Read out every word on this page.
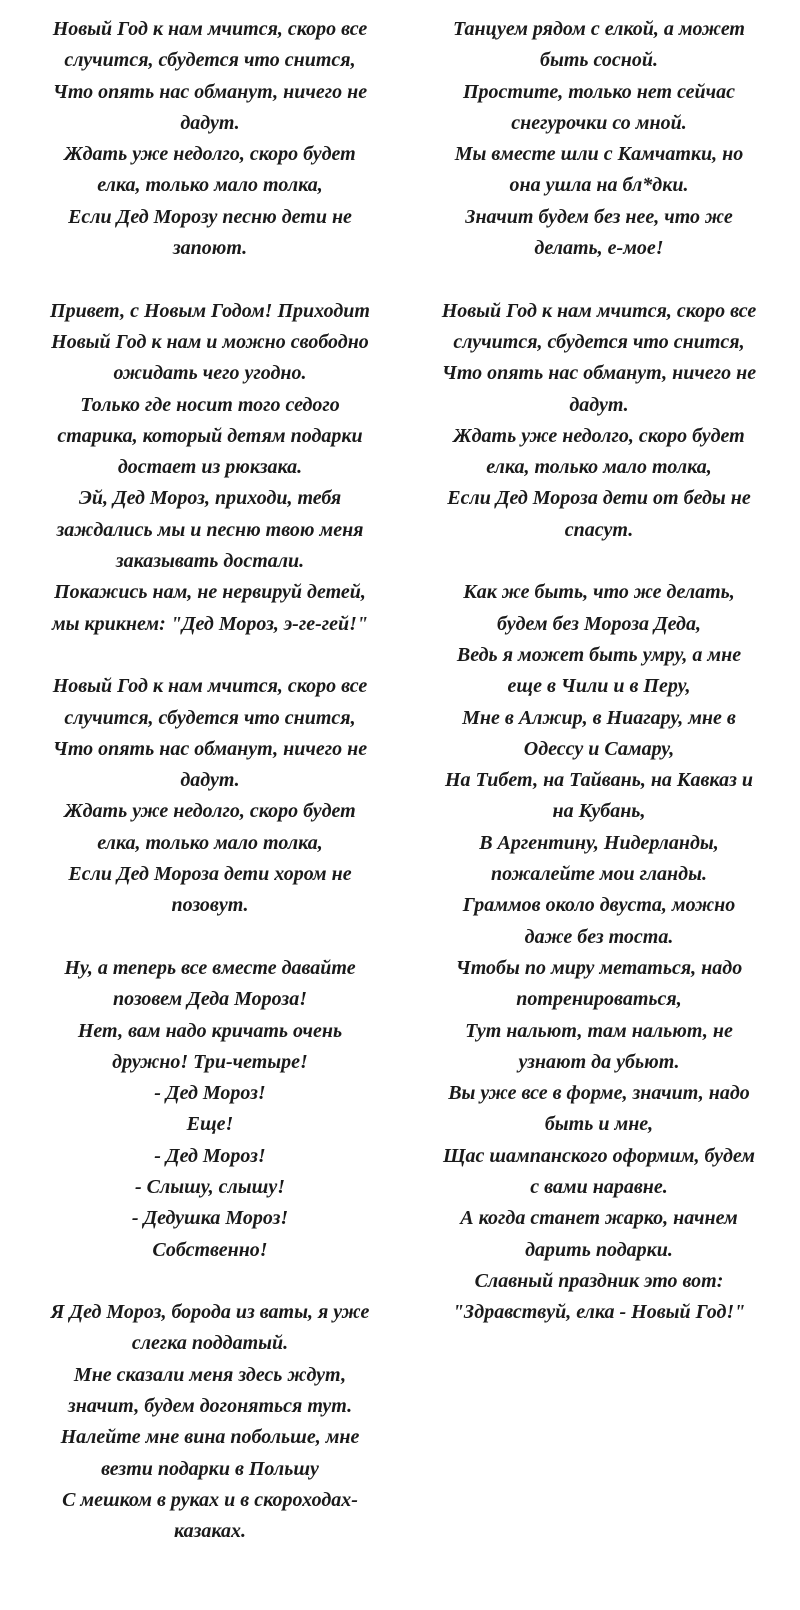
Новый Год к нам мчится, скоро все
случится, сбудется что снится,
Что опять нас обманут, ничего не
дадут.
Ждать уже недолго, скоро будет
елка, только мало толка,
Если Дед Морозу песню дети не
запоют.
Привет, с Новым Годом! Приходит
Новый Год к нам и можно свободно
ожидать чего угодно.
Только где носит того седого
старика, который детям подарки
достает из рюкзака.
Эй, Дед Мороз, приходи, тебя
заждались мы и песню твою меня
заказывать достали.
Покажись нам, не нервируй детей,
мы крикнем: "Дед Мороз, э-ге-гей!"
Новый Год к нам мчится, скоро все
случится, сбудется что снится,
Что опять нас обманут, ничего не
дадут.
Ждать уже недолго, скоро будет
елка, только мало толка,
Если Дед Мороза дети хором не
позовут.
Ну, а теперь все вместе давайте
позовем Деда Мороза!
Нет, вам надо кричать очень
дружно! Три-четыре!
- Дед Мороз!
Еще!
- Дед Мороз!
- Слышу, слышу!
- Дедушка Мороз!
Собственно!
Я Дед Мороз, борода из ваты, я уже
слегка поддатый.
Мне сказали меня здесь ждут,
значит, будем догоняться тут.
Налейте мне вина побольше, мне
везти подарки в Польшу
С мешком в руках и в скороходах-
казаках.
Танцуем рядом с елкой, а может
быть сосной.
Простите, только нет сейчас
снегурочки со мной.
Мы вместе шли с Камчатки, но
она ушла на бл*дки.
Значит будем без нее, что же
делать, е-мое!
Новый Год к нам мчится, скоро все
случится, сбудется что снится,
Что опять нас обманут, ничего не
дадут.
Ждать уже недолго, скоро будет
елка, только мало толка,
Если Дед Мороза дети от беды не
спасут.
Как же быть, что же делать,
будем без Мороза Деда,
Ведь я может быть умру, а мне
еще в Чили и в Перу,
Мне в Алжир, в Ниагару, мне в
Одессу и Самару,
На Тибет, на Тайвань, на Кавказ и
на Кубань,
В Аргентину, Нидерланды,
пожалейте мои гланды.
Граммов около двуста, можно
даже без тоста.
Чтобы по миру метаться, надо
потренироваться,
Тут нальют, там нальют, не
узнают да убьют.
Вы уже все в форме, значит, надо
быть и мне,
Щас шампанского оформим, будем
с вами наравне.
А когда станет жарко, начнем
дарить подарки.
Славный праздник это вот:
"Здравствуй, елка - Новый Год!"
